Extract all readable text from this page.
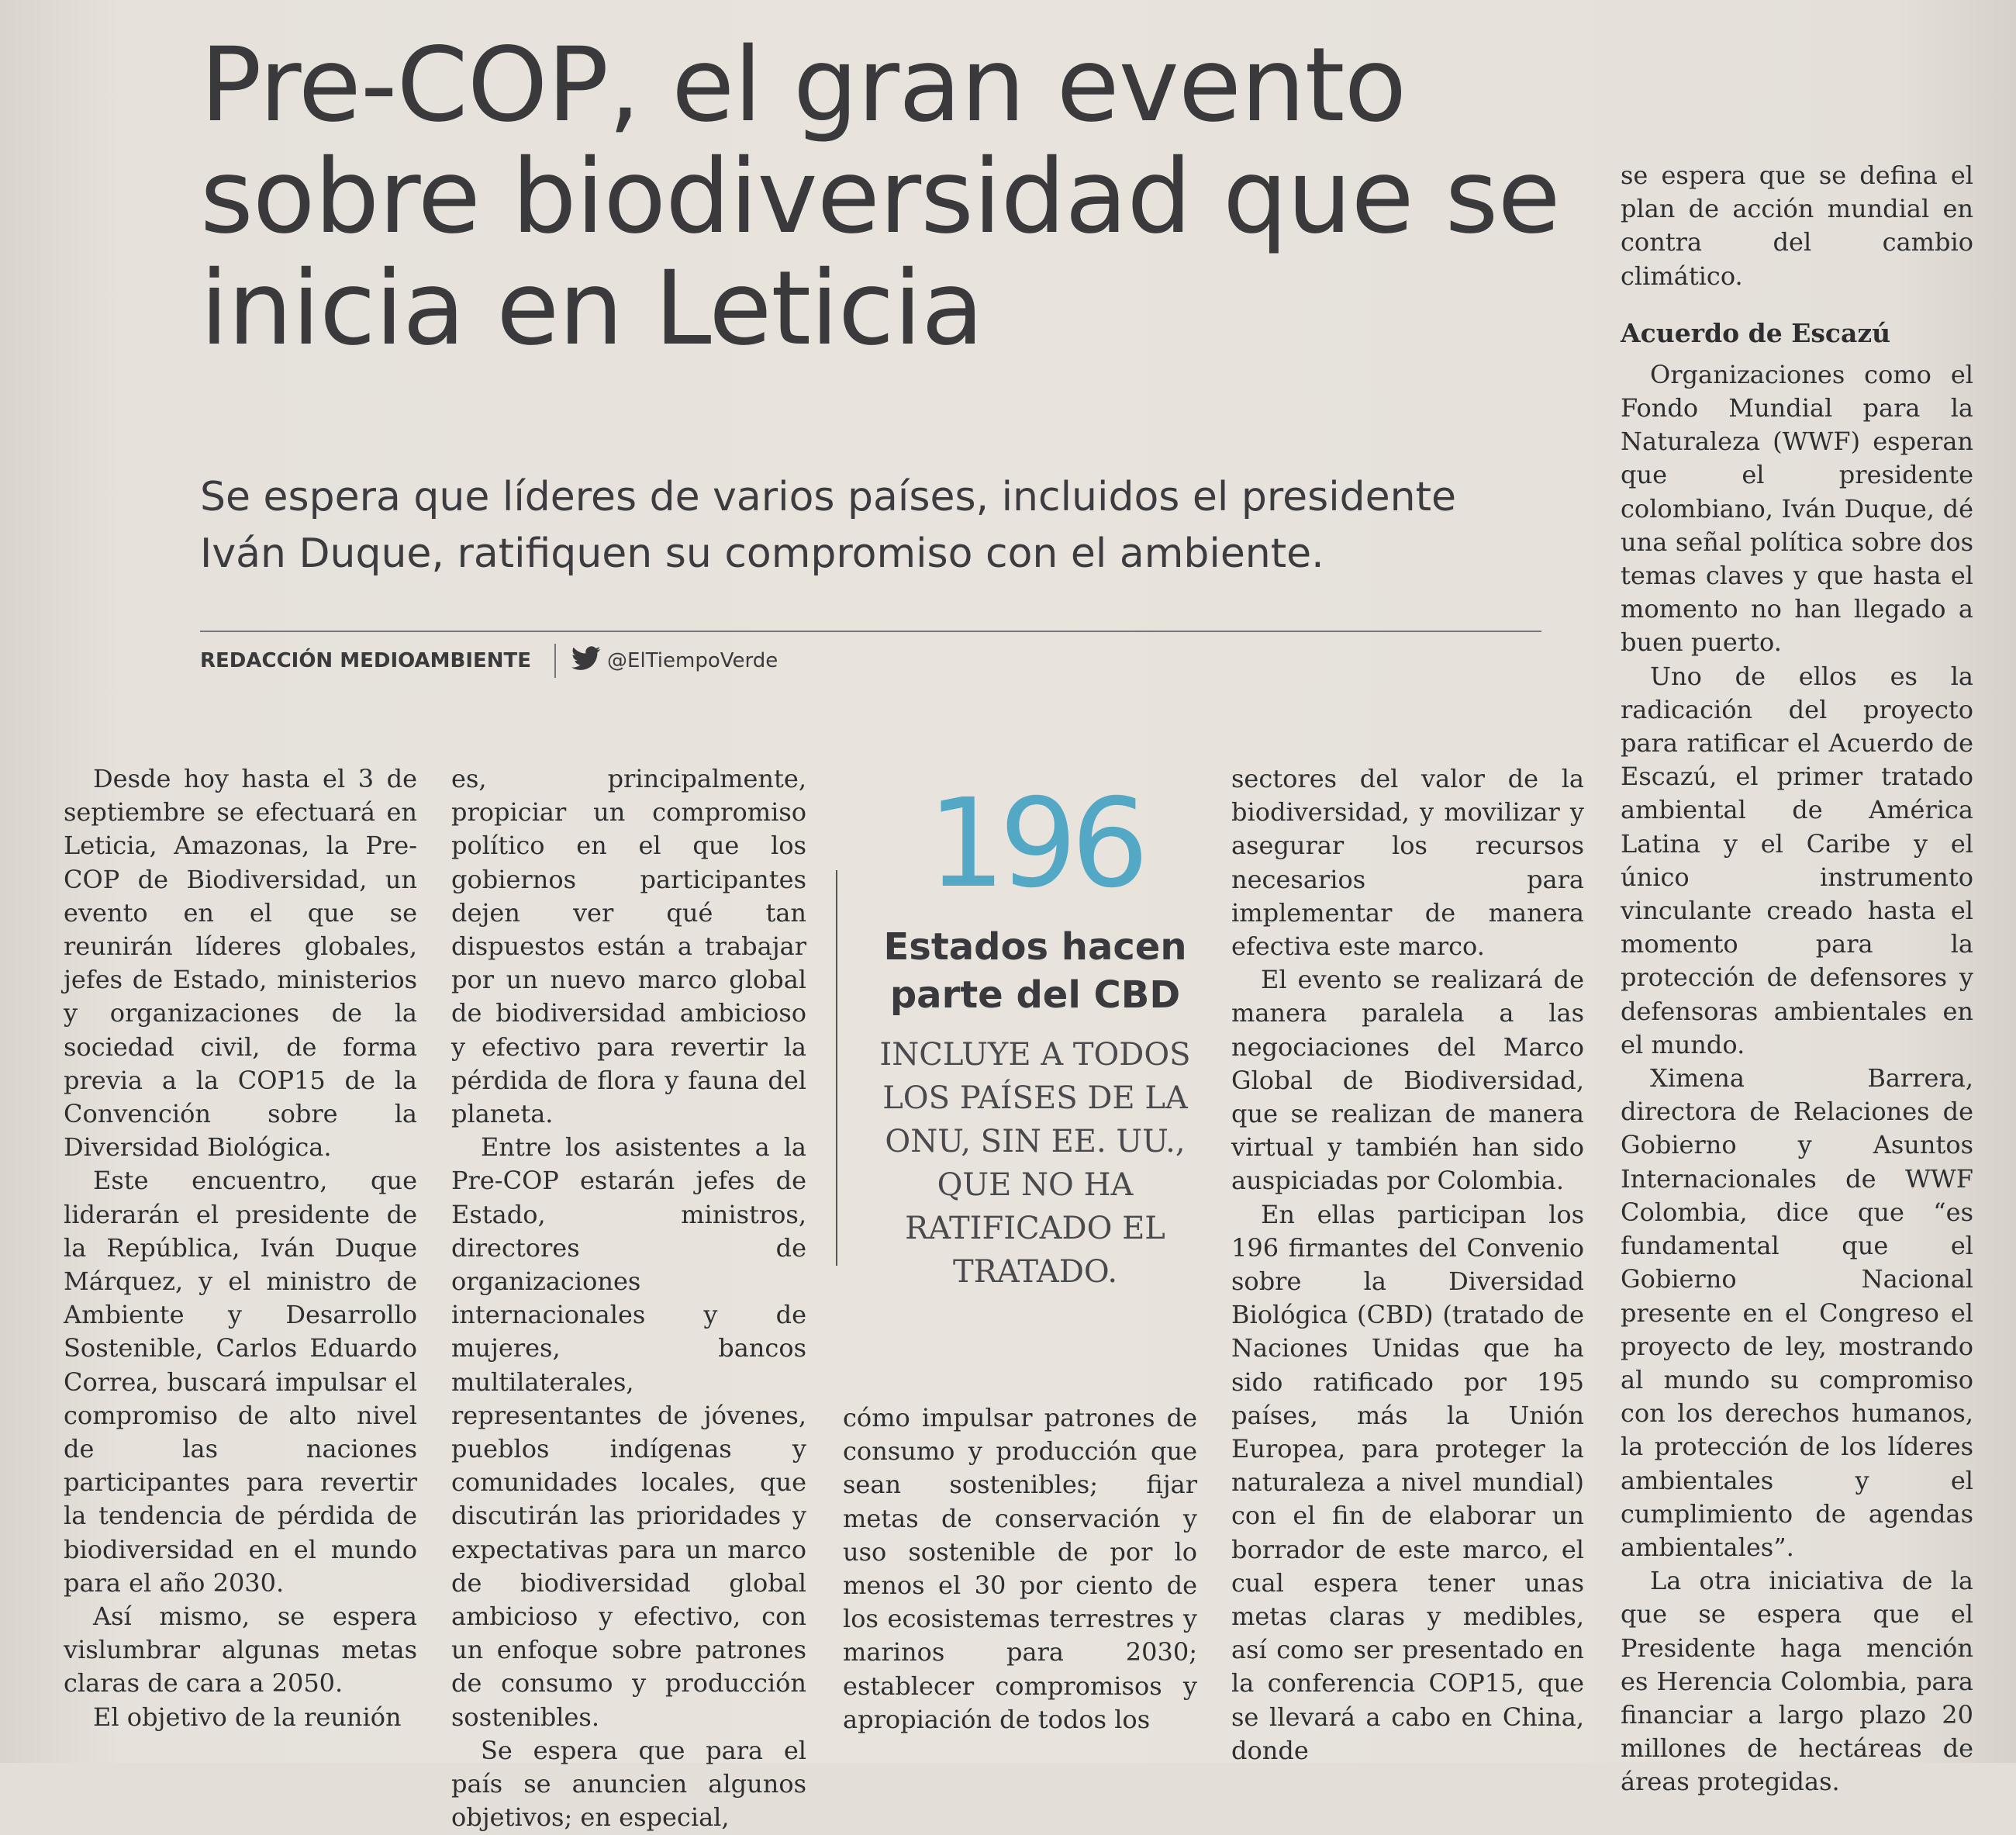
Pre-COP, el gran evento sobre biodiversidad que se inicia en Leticia

Se espera que líderes de varios países, incluidos el presidente Iván Duque, ratifiquen su compromiso con el ambiente.

REDACCIÓN MEDIOAMBIENTE	@ElTiempoVerde

Desde hoy hasta el 3 de septiembre se efectuará en Leticia, Amazonas, la Pre-COP de Biodiversidad, un evento en el que se reunirán líderes globales, jefes de Estado, ministerios y organizaciones de la sociedad civil, de forma previa a la COP15 de la Convención sobre la Diversidad Biológica.

Este encuentro, que liderarán el presidente de la República, Iván Duque Márquez, y el ministro de Ambiente y Desarrollo Sostenible, Carlos Eduardo Correa, buscará impulsar el compromiso de alto nivel de las naciones participantes para revertir la tendencia de pérdida de biodiversidad en el mundo para el año 2030.

Así mismo, se espera vislumbrar algunas metas claras de cara a 2050.

El objetivo de la reunión

es, principalmente, propiciar un compromiso político en el que los gobiernos participantes dejen ver qué tan dispuestos están a trabajar por un nuevo marco global de biodiversidad ambicioso y efectivo para revertir la pérdida de flora y fauna del planeta.

Entre los asistentes a la Pre-COP estarán jefes de Estado, ministros, directores de organizaciones internacionales y de mujeres, bancos multilaterales, representantes de jóvenes, pueblos indígenas y comunidades locales, que discutirán las prioridades y expectativas para un marco de biodiversidad global ambicioso y efectivo, con un enfoque sobre patrones de consumo y producción sostenibles.

Se espera que para el país se anuncien algunos objetivos; en especial,

196
Estados hacen parte del CBD
INCLUYE A TODOS LOS PAÍSES DE LA ONU, SIN EE. UU., QUE NO HA RATIFICADO EL TRATADO.

cómo impulsar patrones de consumo y producción que sean sostenibles; fijar metas de conservación y uso sostenible de por lo menos el 30 por ciento de los ecosistemas terrestres y marinos para 2030; establecer compromisos y apropiación de todos los

sectores del valor de la biodiversidad, y movilizar y asegurar los recursos necesarios para implementar de manera efectiva este marco.

El evento se realizará de manera paralela a las negociaciones del Marco Global de Biodiversidad, que se realizan de manera virtual y también han sido auspiciadas por Colombia.

En ellas participan los 196 firmantes del Convenio sobre la Diversidad Biológica (CBD) (tratado de Naciones Unidas que ha sido ratificado por 195 países, más la Unión Europea, para proteger la naturaleza a nivel mundial) con el fin de elaborar un borrador de este marco, el cual espera tener unas metas claras y medibles, así como ser presentado en la conferencia COP15, que se llevará a cabo en China, donde

se espera que se defina el plan de acción mundial en contra del cambio climático.

Acuerdo de Escazú

Organizaciones como el Fondo Mundial para la Naturaleza (WWF) esperan que el presidente colombiano, Iván Duque, dé una señal política sobre dos temas claves y que hasta el momento no han llegado a buen puerto.

Uno de ellos es la radicación del proyecto para ratificar el Acuerdo de Escazú, el primer tratado ambiental de América Latina y el Caribe y el único instrumento vinculante creado hasta el momento para la protección de defensores y defensoras ambientales en el mundo.

Ximena Barrera, directora de Relaciones de Gobierno y Asuntos Internacionales de WWF Colombia, dice que “es fundamental que el Gobierno Nacional presente en el Congreso el proyecto de ley, mostrando al mundo su compromiso con los derechos humanos, la protección de los líderes ambientales y el cumplimiento de agendas ambientales”.

La otra iniciativa de la que se espera que el Presidente haga mención es Herencia Colombia, para financiar a largo plazo 20 millones de hectáreas de áreas protegidas.
